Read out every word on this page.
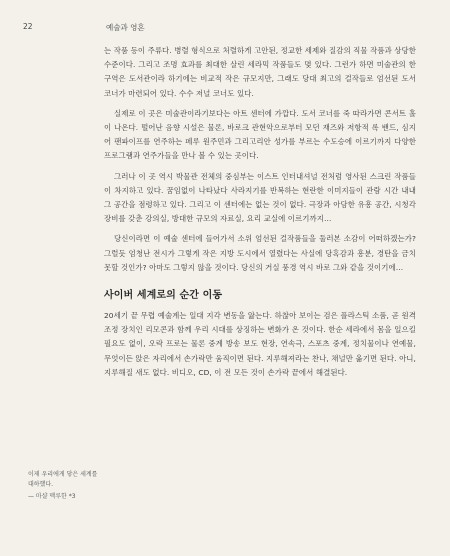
22	예술과 영혼

는 작품 등이 주류다. 병렬 형식으로 처렬하게 고안된, 정교한 세제와 질감의 직물 작품과 상당한 수준이다. 그리고 조명 효과를 최대한 살린 세라믹 작품들도 몇 있다. 그런가 하면 미술관의 한 구역은 도서관이라 하기에는 비교적 작은 규모지만, 그래도 당대 최고의 걸작들로 엄선된 도서 코너가 마련되어 있다. 수수 저널 코너도 있다.

실제로 이 곳은 미술관이라기보다는 아트 센터에 가깝다. 도서 코너를 죽 따라가면 콘서트 홀이 나온다. 떨어난 음향 시설은 물론, 바로크 관현악으로부터 모던 재즈와 저항적 록 밴드, 심지어 팬파이프를 연주하는 페루 원주민과 그리고리안 성가를 부르는 수도승에 이르기까지 다양한 프로그램과 연주가들을 만나 볼 수 있는 곳이다.

그러나 이 곳 역시 박물관 전체의 중심부는 이스트 인터내셔널 전처럼 영사된 스크린 작품들이 차지하고 있다. 꿈임없이 나타났다 사라지기를 반복하는 현란한 이미지들이 관람 시간 내내 그 공간을 점령하고 있다. 그리고 이 센터에는 없는 것이 없다. 극장과 아담한 유흥 공간, 시청각 장비를 갖춘 강의실, 방대한 규모의 자료실, 요리 교실에 이르기까지…

당신이라면 이 예술 센터에 들어가서 소위 엄선된 걸작품들을 둘러본 소감이 어떠하겠는가? 그럴듯 엄청난 전시가 그렇게 작은 지방 도시에서 열렸다는 사실에 당혹감과 흥분, 경탄을 금치 못할 것인가? 아마도 그렇지 않을 것이다. 당신의 거실 풍경 역시 바로 그와 같을 것이기에…

사이버 세계로의 순간 이동

20세기 끝 무렵 예술계는 일대 지각 변동을 앓는다. 하찮아 보이는 검은 플라스틱 소품, 곧 원격 조정 장치인 리모콘과 함께 우리 시대를 상징하는 변화가 온 것이다. 한순 세라에서 몸을 일으킬 필요도 없이, 오락 프로는 물론 중계 방송 보도 현장, 연속극, 스포츠 중계, 정치물이나 연예물, 무엇이든 앉은 자리에서 손가락만 움직이면 된다. 지루해져라는 찬나, 채널만 옮기면 된다. 아니, 지루해질 새도 없다. 비디오, CD, 이 전 모든 것이 손가락 끝에서 해결된다.

이제 우리에게 닿은 세계를 대하했다.
— 마샬 맥루한 *3
